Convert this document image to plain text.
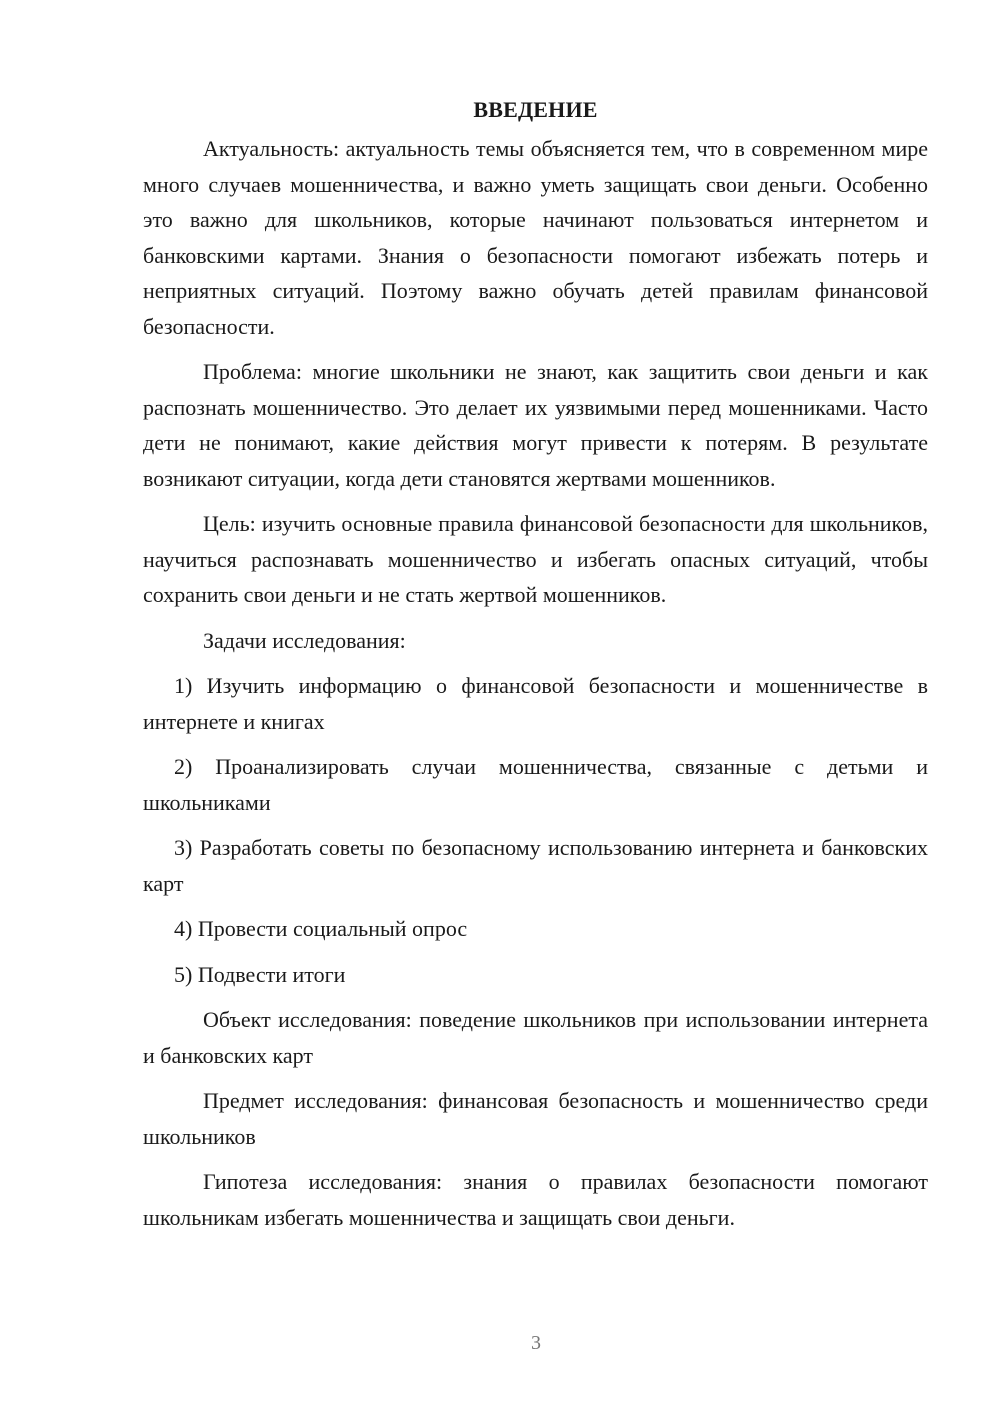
ВВЕДЕНИЕ

Актуальность: актуальность темы объясняется тем, что в современном мире много случаев мошенничества, и важно уметь защищать свои деньги. Особенно это важно для школьников, которые начинают пользоваться интернетом и банковскими картами. Знания о безопасности помогают избежать потерь и неприятных ситуаций. Поэтому важно обучать детей правилам финансовой безопасности.

Проблема: многие школьники не знают, как защитить свои деньги и как распознать мошенничество. Это делает их уязвимыми перед мошенниками. Часто дети не понимают, какие действия могут привести к потерям. В результате возникают ситуации, когда дети становятся жертвами мошенников.

Цель: изучить основные правила финансовой безопасности для школьников, научиться распознавать мошенничество и избегать опасных ситуаций, чтобы сохранить свои деньги и не стать жертвой мошенников.

Задачи исследования:

1) Изучить информацию о финансовой безопасности и мошенничестве в интернете и книгах

2) Проанализировать случаи мошенничества, связанные с детьми и школьниками

3) Разработать советы по безопасному использованию интернета и банковских карт

4) Провести социальный опрос

5) Подвести итоги

Объект исследования: поведение школьников при использовании интернета и банковских карт

Предмет исследования: финансовая безопасность и мошенничество среди школьников

Гипотеза исследования: знания о правилах безопасности помогают школьникам избегать мошенничества и защищать свои деньги.

3
